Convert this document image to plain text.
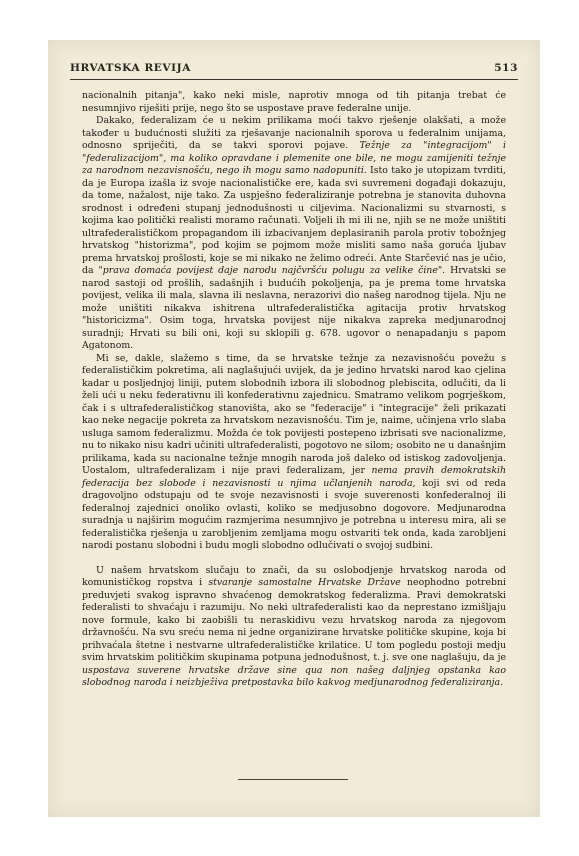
HRVATSKA REVIJA	513

nacionalnih pitanja", kako neki misle, naprotiv mnoga od tih pitanja trebat će nesumnjivo riješiti prije, nego što se uspostave prave federalne unije.

Dakako, federalizam će u nekim prilikama moći takvo rješenje olakšati, a može također u budućnosti služiti za rješavanje nacionalnih sporova u federalnim unijama, odnosno spriječiti, da se takvi sporovi pojave. Težnje za "integracijom" i "federalizacijom", ma koliko opravdane i plemenite one bile, ne mogu zamijeniti težnje za narodnom nezavisnošću, nego ih mogu samo nadopuniti. Isto tako je utopizam tvrditi, da je Europa izašla iz svoje nacionalističke ere, kada svi suvremeni događaji dokazuju, da tome, nažalost, nije tako. Za uspješno federaliziranje potrebna je stanovita duhovna srodnost i određeni stupanj jednodušnosti u ciljevima. Nacionalizmi su stvarnosti, s kojima kao politički realisti moramo računati. Voljeli ih mi ili ne, njih se ne može uništiti ultrafederalističkom propagandom ili izbacivanjem deplasiranih parola protiv tobožnjeg hrvatskog "historizma", pod kojim se pojmom može misliti samo naša goruća ljubav prema hrvatskoj prošlosti, koje se mi nikako ne želimo odreći. Ante Starčević nas je učio, da "prava domaća povijest daje narodu najčvršću polugu za velike čine". Hrvatski se narod sastoji od prošlih, sadašnjih i budućih pokoljenja, pa je prema tome hrvatska povijest, velika ili mala, slavna ili neslavna, nerazorivi dio našeg narodnog tijela. Nju ne može uništiti nikakva ishitrena ultrafederalistička agitacija protiv hrvatskog "historicizma". Osim toga, hrvatska povijest nije nikakva zapreka medjunarodnoj suradnji; Hrvati su bili oni, koji su sklopili g. 678. ugovor o nenapadanju s papom Agatonom.

Mi se, dakle, slažemo s time, da se hrvatske težnje za nezavisnošću povežu s federalističkim pokretima, ali naglašujući uvijek, da je jedino hrvatski narod kao cjelina kadar u posljednjoj liniji, putem slobodnih izbora ili slobodnog plebiscita, odlučiti, da li želi ući u neku federativnu ili konfederativnu zajednicu. Smatramo velikom pogrješkom, čak i s ultrafederalističkog stanovišta, ako se "federacije" i "integracije" želi prikazati kao neke negacije pokreta za hrvatskom nezavisnošću. Tim je, naime, učinjena vrlo slaba usluga samom federalizmu. Možda će tok povijesti postepeno izbrisati sve nacionalizme, nu to nikako nisu kadri učiniti ultrafederalisti, pogotovo ne silom; osobito ne u današnjim prilikama, kada su nacionalne težnje mnogih naroda još daleko od istiskog zadovoljenja. Uostalom, ultrafederalizam i nije pravi federalizam, jer nema pravih demokratskih federacija bez slobode i nezavisnosti u njima učlanjenih naroda, koji svi od reda dragovoljno odstupaju od te svoje nezavisnosti i svoje suverenosti konfederalnoj ili federalnoj zajednici onoliko ovlasti, koliko se medjusobno dogovore. Medjunarodna suradnja u najširim mogućim razmjerima nesumnjivo je potrebna u interesu mira, ali se federalistička rješenja u zarobljenim zemljama mogu ostvariti tek onda, kada zarobljeni narodi postanu slobodni i budu mogli slobodno odlučivati o svojoj sudbini.

U našem hrvatskom slučaju to znači, da su oslobodjenje hrvatskog naroda od komunističkog ropstva i stvaranje samostalne Hrvatske Države neophodno potrebni preduvjeti svakog ispravno shvaćenog demokratskog federalizma. Pravi demokratski federalisti to shvaćaju i razumiju. No neki ultrafederalisti kao da neprestano izmišljaju nove formule, kako bi zaobišli tu neraskidivu vezu hrvatskog naroda za njegovom državnošću. Na svu sreću nema ni jedne organizirane hrvatske političke skupine, koja bi prihvaćala štetne i nestvarne ultrafederalističke krilatice. U tom pogledu postoji medju svim hrvatskim političkim skupinama potpuna jednodušnost, t. j. sve one naglašuju, da je uspostava suverene hrvatske države sine qua non našeg daljnjeg opstanka kao slobodnog naroda i neizbježiva pretpostavka bilo kakvog medjunarodnog federaliziranja.
